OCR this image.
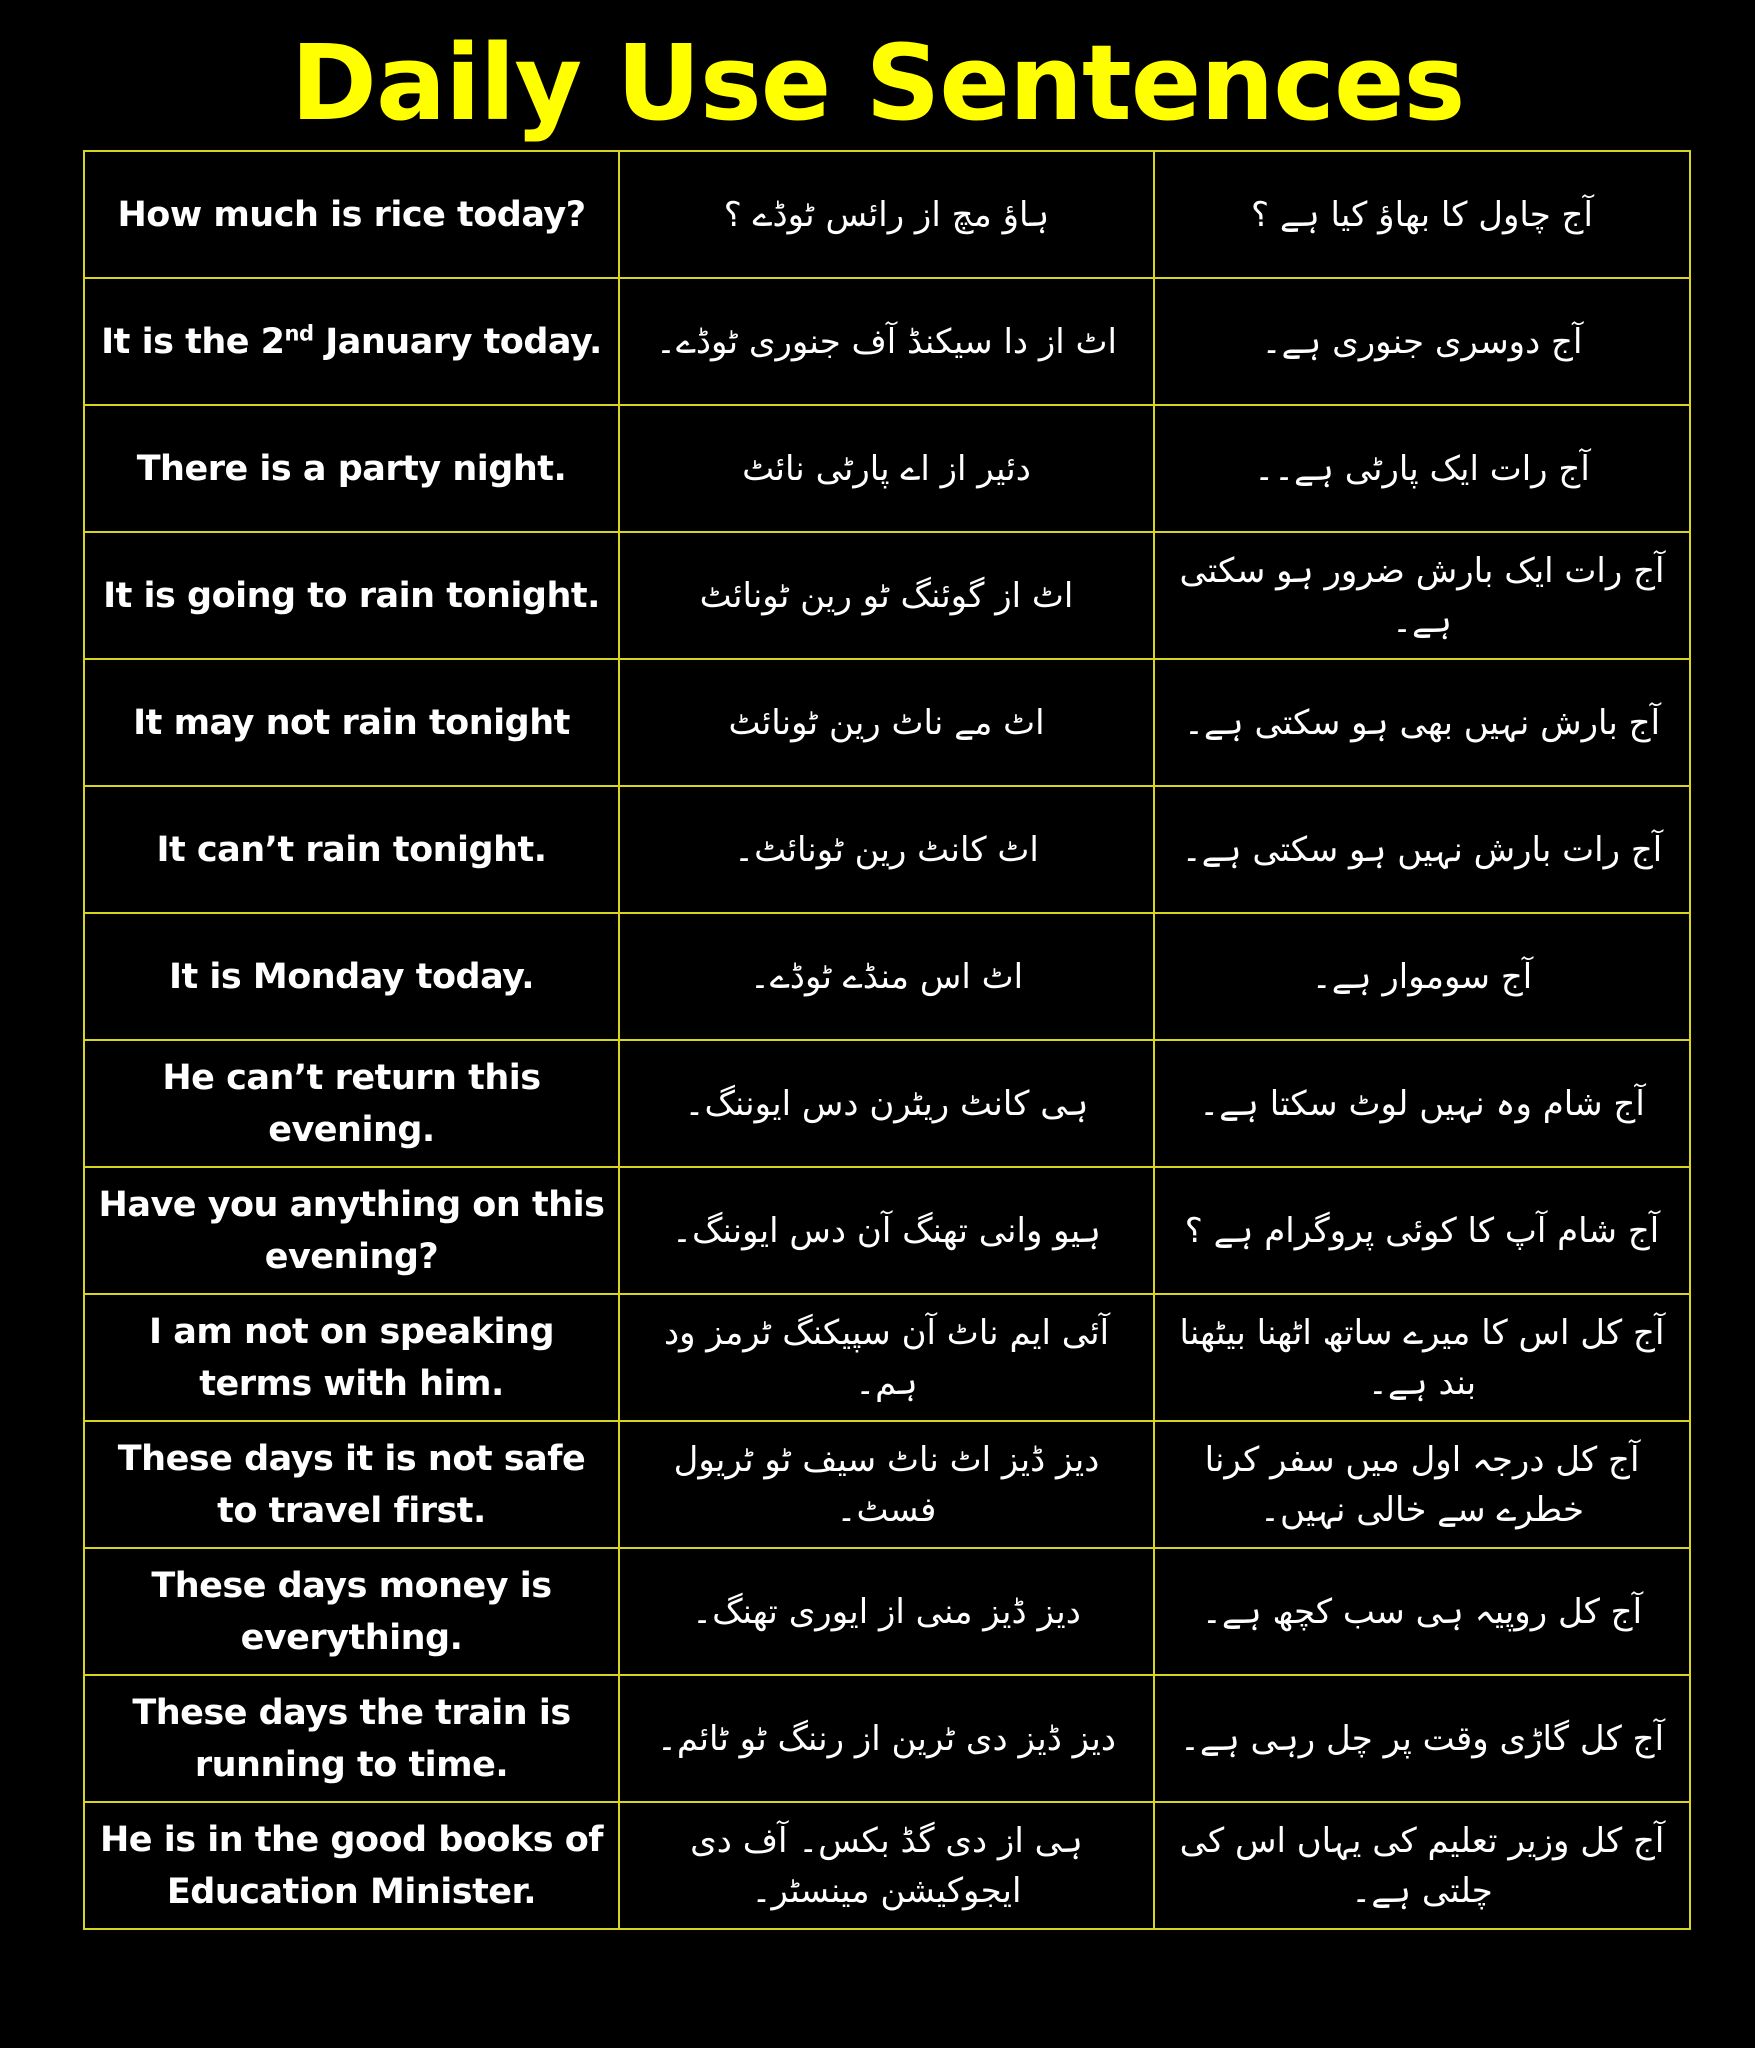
Daily Use Sentences
How much is rice today?	ہاؤ مچ از رائس ٹوڈے ؟	آج چاول کا بھاؤ کیا ہے ؟
It is the 2nd January today.	اٹ از دا سیکنڈ آف جنوری ٹوڈے۔	آج دوسری جنوری ہے۔
There is a party night.	دئیر از اے پارٹی نائٹ	آج رات ایک پارٹی ہے۔۔
It is going to rain tonight.	اٹ از گوئنگ ٹو رین ٹونائٹ	آج رات ایک بارش ضرور ہو سکتی ہے۔
It may not rain tonight	اٹ مے ناٹ رین ٹونائٹ	آج بارش نہیں بھی ہو سکتی ہے۔
It can’t rain tonight.	اٹ کانٹ رین ٹونائٹ۔	آج رات بارش نہیں ہو سکتی ہے۔
It is Monday today.	اٹ اس منڈے ٹوڈے۔	آج سوموار ہے۔
He can’t return this evening.	ہی کانٹ ریٹرن دس ایوننگ۔	آج شام وہ نہیں لوٹ سکتا ہے۔
Have you anything on this evening?	ہیو وانی تھنگ آن دس ایوننگ۔	آج شام آپ کا کوئی پروگرام ہے ؟
I am not on speaking terms with him.	آئی ایم ناٹ آن سپیکنگ ٹرمز ود ہم۔	آج کل اس کا میرے ساتھ اٹھنا بیٹھنا بند ہے۔
These days it is not safe to travel first.	دیز ڈیز اٹ ناٹ سیف ٹو ٹریول فسٹ۔	آج کل درجہ اول میں سفر کرنا خطرے سے خالی نہیں۔
These days money is everything.	دیز ڈیز منی از ایوری تھنگ۔	آج کل روپیہ ہی سب کچھ ہے۔
These days the train is running to time.	دیز ڈیز دی ٹرین از رننگ ٹو ٹائم۔	آج کل گاڑی وقت پر چل رہی ہے۔
He is in the good books of Education Minister.	ہی از دی گڈ بکس۔ آف دی ایجوکیشن مینسٹر۔	آج کل وزیر تعلیم کی یہاں اس کی چلتی ہے۔
